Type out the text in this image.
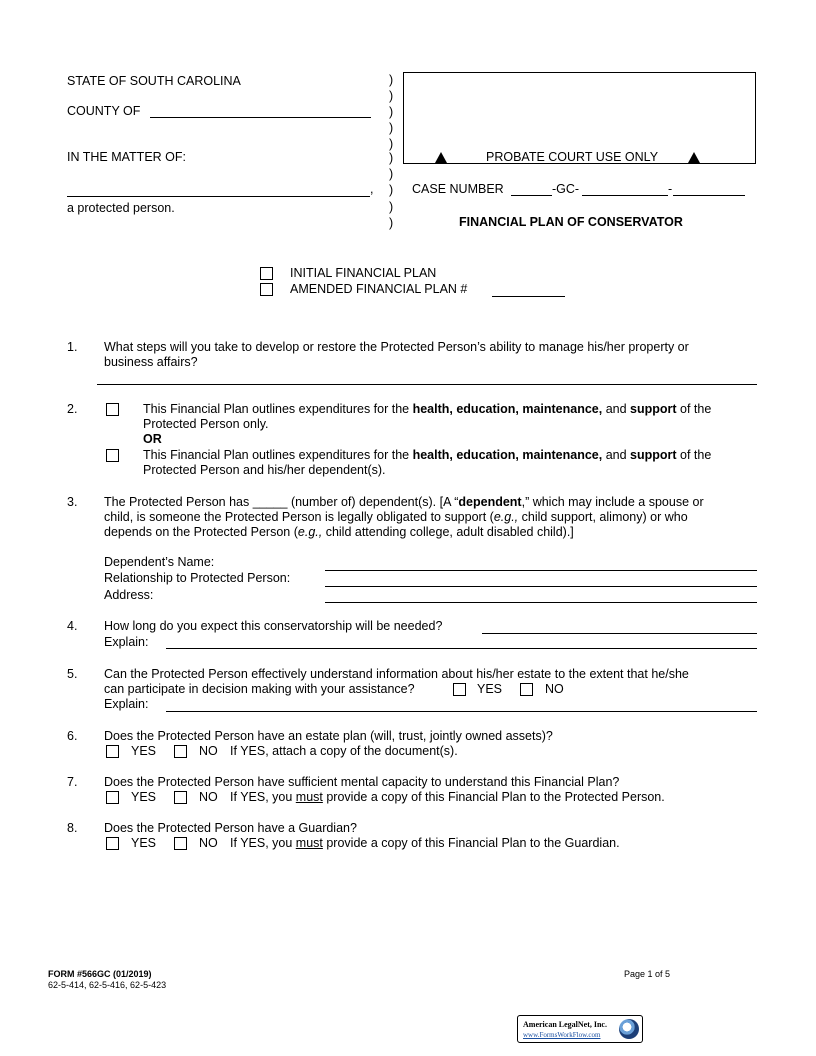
STATE OF SOUTH CAROLINA
COUNTY OF
IN THE MATTER OF:
,
a protected person.
)
)
)
)
)
)
)
)
)
)
PROBATE COURT USE ONLY
CASE NUMBER	-GC-	-
FINANCIAL PLAN OF CONSERVATOR
INITIAL FINANCIAL PLAN
AMENDED FINANCIAL PLAN #
1. What steps will you take to develop or restore the Protected Person’s ability to manage his/her property or
business affairs?
2.	This Financial Plan outlines expenditures for the health, education, maintenance, and support of the
Protected Person only.
OR
This Financial Plan outlines expenditures for the health, education, maintenance, and support of the
Protected Person and his/her dependent(s).
3. The Protected Person has _____ (number of) dependent(s). [A “dependent,” which may include a spouse or
child, is someone the Protected Person is legally obligated to support (e.g., child support, alimony) or who
depends on the Protected Person (e.g., child attending college, adult disabled child).]
Dependent’s Name:
Relationship to Protected Person:
Address:
4. How long do you expect this conservatorship will be needed?
Explain:
5. Can the Protected Person effectively understand information about his/her estate to the extent that he/she
can participate in decision making with your assistance?	YES	NO
Explain:
6. Does the Protected Person have an estate plan (will, trust, jointly owned assets)?
YES	NO If YES, attach a copy of the document(s).
7. Does the Protected Person have sufficient mental capacity to understand this Financial Plan?
YES	NO If YES, you must provide a copy of this Financial Plan to the Protected Person.
8. Does the Protected Person have a Guardian?
YES	NO If YES, you must provide a copy of this Financial Plan to the Guardian.
FORM #566GC (01/2019)
62-5-414, 62-5-416, 62-5-423
Page 1 of 5
American LegalNet, Inc.
www.FormsWorkFlow.com
